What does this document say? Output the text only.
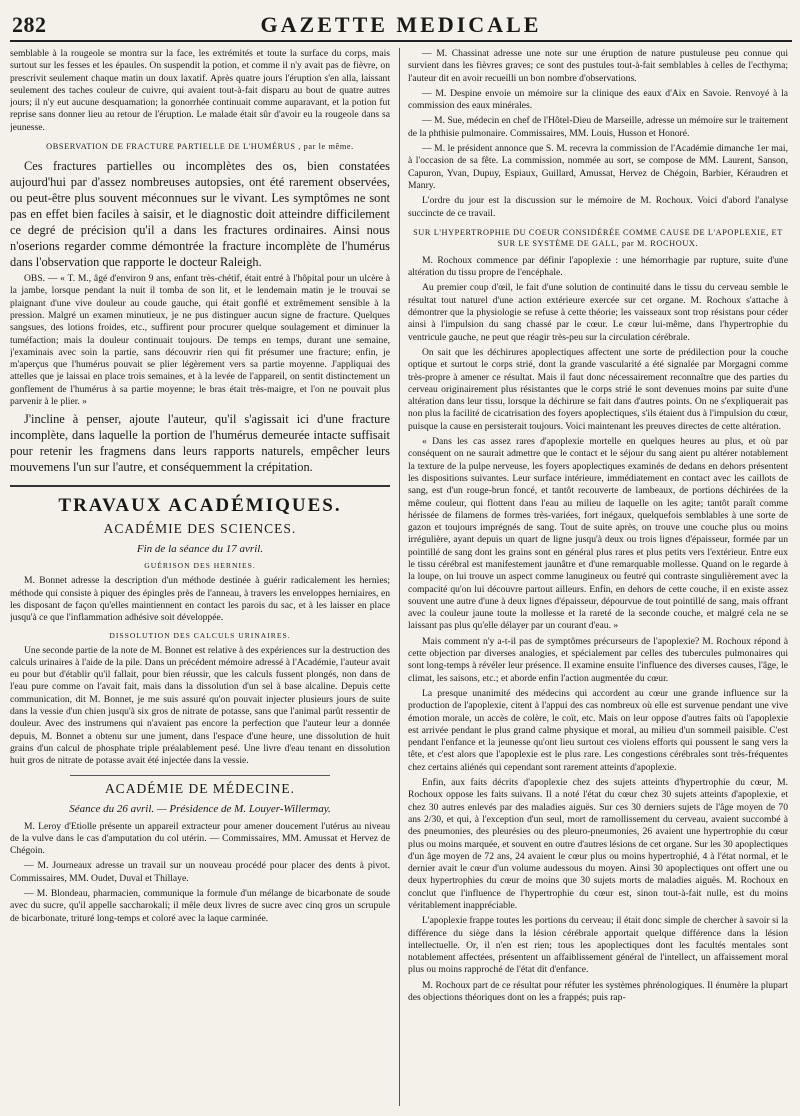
282	GAZETTE MEDICALE

semblable à la rougeole se montra sur la face, les extrémités et toute la surface du corps, mais surtout sur les fesses et les épaules. On suspendit la potion, et comme il n'y avait pas de fièvre, on prescrivit seulement chaque matin un doux laxatif. Après quatre jours l'éruption s'en alla, laissant seulement des taches couleur de cuivre, qui avaient tout-à-fait disparu au bout de quatre autres jours; il n'y eut aucune desquamation; la gonorrhée continuait comme auparavant, et la potion fut reprise sans donner lieu au retour de l'éruption. Le malade était sûr d'avoir eu la rougeole dans sa jeunesse.

OBSERVATION DE FRACTURE PARTIELLE DE L'HUMÉRUS , par le même.

Ces fractures partielles ou incomplètes des os, bien constatées aujourd'hui par d'assez nombreuses autopsies, ont été rarement observées, ou peut-être plus souvent méconnues sur le vivant. Les symptômes ne sont pas en effet bien faciles à saisir, et le diagnostic doit atteindre difficilement ce degré de précision qu'il a dans les fractures ordinaires. Ainsi nous n'oserions regarder comme démontrée la fracture incomplète de l'humérus dans l'observation que rapporte le docteur Raleigh.

OBS. — « T. M., âgé d'environ 9 ans, enfant très-chétif, était entré à l'hôpital pour un ulcère à la jambe, lorsque pendant la nuit il tomba de son lit, et le lendemain matin je le trouvai se plaignant d'une vive douleur au coude gauche, qui était gonflé et extrêmement sensible à la pression. Malgré un examen minutieux, je ne pus distinguer aucun signe de fracture. Quelques sangsues, des lotions froides, etc., suffirent pour procurer quelque soulagement et diminuer la tuméfaction; mais la douleur continuait toujours. De temps en temps, durant une semaine, j'examinais avec soin la partie, sans découvrir rien qui fit présumer une fracture; enfin, je m'aperçus que l'humérus pouvait se plier légèrement vers sa partie moyenne. J'appliquai des attelles que je laissai en place trois semaines, et à la levée de l'appareil, on sentit distinctement un gonflement de l'humérus à sa partie moyenne; le bras était très-maigre, et l'on ne pouvait plus parvenir à le plier. »

J'incline à penser, ajoute l'auteur, qu'il s'agissait ici d'une fracture incomplète, dans laquelle la portion de l'humérus demeurée intacte suffisait pour retenir les fragmens dans leurs rapports naturels, empêcher leurs mouvemens l'un sur l'autre, et conséquemment la crépitation.

TRAVAUX ACADÉMIQUES.
ACADÉMIE DES SCIENCES.
Fin de la séance du 17 avril.
GUÉRISON DES HERNIES.

M. Bonnet adresse la description d'un méthode destinée à guérir radicalement les hernies; méthode qui consiste à piquer des épingles près de l'anneau, à travers les enveloppes herniaires, en les disposant de façon qu'elles maintiennent en contact les parois du sac, et à les laisser en place jusqu'à ce que l'inflammation adhésive soit développée.

DISSOLUTION DES CALCULS URINAIRES.

Une seconde partie de la note de M. Bonnet est relative à des expériences sur la destruction des calculs urinaires à l'aide de la pile. Dans un précédent mémoire adressé à l'Académie, l'auteur avait eu pour but d'établir qu'il fallait, pour bien réussir, que les calculs fussent plongés, non dans de l'eau pure comme on l'avait fait, mais dans la dissolution d'un sel à base alcaline. Depuis cette communication, dit M. Bonnet, je me suis assuré qu'on pouvait injecter plusieurs jours de suite dans la vessie d'un chien jusqu'à six gros de nitrate de potasse, sans que l'animal parût ressentir de douleur. Avec des instrumens qui n'avaient pas encore la perfection que l'auteur leur a donnée depuis, M. Bonnet a obtenu sur une jument, dans l'espace d'une heure, une dissolution de huit grains d'un calcul de phosphate triple préalablement pesé. Une livre d'eau tenant en dissolution huit gros de nitrate de potasse avait été injectée dans la vessie.

ACADÉMIE DE MÉDECINE.
Séance du 26 avril. — Présidence de M. Louyer-Willermay.

M. Leroy d'Etiolle présente un appareil extracteur pour amener doucement l'utérus au niveau de la vulve dans le cas d'amputation du col utérin. — Commissaires, MM. Amussat et Hervez de Chégoin.

— M. Journeaux adresse un travail sur un nouveau procédé pour placer des dents à pivot. Commissaires, MM. Oudet, Duval et Thillaye.

— M. Blondeau, pharmacien, communique la formule d'un mélange de bicarbonate de soude avec du sucre, qu'il appelle saccharokali; il mêle deux livres de sucre avec cinq gros un scrupule de bicarbonate, trituré long-temps et coloré avec la laque carminée.

— M. Chassinat adresse une note sur une éruption de nature pustuleuse peu connue qui survient dans les fièvres graves; ce sont des pustules tout-à-fait semblables à celles de l'ecthyma; l'auteur dit en avoir recueilli un bon nombre d'observations.

— M. Despine envoie un mémoire sur la clinique des eaux d'Aix en Savoie. Renvoyé à la commission des eaux minérales.

— M. Sue, médecin en chef de l'Hôtel-Dieu de Marseille, adresse un mémoire sur le traitement de la phthisie pulmonaire. Commissaires, MM. Louis, Husson et Honoré.

— M. le président annonce que S. M. recevra la commission de l'Académie dimanche 1er mai, à l'occasion de sa fête. La commission, nommée au sort, se compose de MM. Laurent, Sanson, Capuron, Yvan, Dupuy, Espiaux, Guillard, Amussat, Hervez de Chégoin, Barbier, Kéraudren et Manry.

L'ordre du jour est la discussion sur le mémoire de M. Rochoux. Voici d'abord l'analyse succincte de ce travail.

SUR L'HYPERTROPHIE DU COEUR CONSIDÉRÉE COMME CAUSE DE L'APOPLEXIE, ET SUR LE SYSTÈME DE GALL, par M. ROCHOUX.

M. Rochoux commence par définir l'apoplexie : une hémorrhagie par rupture, suite d'une altération du tissu propre de l'encéphale.

Au premier coup d'œil, le fait d'une solution de continuité dans le tissu du cerveau semble le résultat tout naturel d'une action extérieure exercée sur cet organe. M. Rochoux s'attache à démontrer que la physiologie se refuse à cette théorie; les vaisseaux sont trop résistans pour céder ainsi à l'impulsion du sang chassé par le cœur. Le cœur lui-même, dans l'hypertrophie du ventricule gauche, ne peut que réagir très-peu sur la circulation cérébrale.

On sait que les déchirures apoplectiques affectent une sorte de prédilection pour la couche optique et surtout le corps strié, dont la grande vascularité a été signalée par Morgagni comme très-propre à amener ce résultat. Mais il faut donc nécessairement reconnaître que des parties du cerveau originairement plus résistantes que le corps strié le sont devenues moins par suite d'une altération dans leur tissu, lorsque la déchirure se fait dans d'autres points. On ne s'expliquerait pas non plus la facilité de cicatrisation des foyers apoplectiques, s'ils étaient dus à l'impulsion du cœur, puisque la cause en persisterait toujours. Voici maintenant les preuves directes de cette altération.

« Dans les cas assez rares d'apoplexie mortelle en quelques heures au plus, et où par conséquent on ne saurait admettre que le contact et le séjour du sang aient pu altérer notablement la texture de la pulpe nerveuse, les foyers apoplectiques examinés de dedans en dehors présentent les dispositions suivantes. Leur surface intérieure, immédiatement en contact avec les caillots de sang, est d'un rouge-brun foncé, et tantôt recouverte de lambeaux, de portions déchirées de la même couleur, qui flottent dans l'eau au milieu de laquelle on les agite; tantôt paraît comme hérissée de filamens de formes très-variées, fort inégaux, quelquefois semblables à une sorte de gazon et toujours imprégnés de sang. Tout de suite après, on trouve une couche plus ou moins irrégulière, ayant depuis un quart de ligne jusqu'à deux ou trois lignes d'épaisseur, formée par un pointillé de sang dont les grains sont en général plus rares et plus petits vers l'extérieur. Entre eux le tissu cérébral est manifestement jaunâtre et d'une remarquable mollesse. Quand on le regarde à la loupe, on lui trouve un aspect comme lanugineux ou feutré qui contraste singulièrement avec la compacité qu'on lui découvre partout ailleurs. Enfin, en dehors de cette couche, il en existe assez souvent une autre d'une à deux lignes d'épaisseur, dépourvue de tout pointillé de sang, mais offrant avec la couleur jaune toute la mollesse et la rareté de la seconde couche, et malgré cela ne se laissant pas plus qu'elle délayer par un courant d'eau. »

Mais comment n'y a-t-il pas de symptômes précurseurs de l'apoplexie? M. Rochoux répond à cette objection par diverses analogies, et spécialement par celles des tubercules pulmonaires qui sont long-temps à révéler leur présence. Il examine ensuite l'influence des diverses causes, l'âge, le climat, les saisons, etc.; et aborde enfin l'action augmentée du cœur.

La presque unanimité des médecins qui accordent au cœur une grande influence sur la production de l'apoplexie, citent à l'appui des cas nombreux où elle est survenue pendant une vive émotion morale, un accès de colère, le coït, etc. Mais on leur oppose d'autres faits où l'apoplexie est arrivée pendant le plus grand calme physique et moral, au milieu d'un sommeil paisible. C'est pendant l'enfance et la jeunesse qu'ont lieu surtout ces violens efforts qui poussent le sang vers la tête, et c'est alors que l'apoplexie est le plus rare. Les congestions cérébrales sont très-fréquentes chez certains aliénés qui cependant sont rarement atteints d'apoplexie.

Enfin, aux faits décrits d'apoplexie chez des sujets atteints d'hypertrophie du cœur, M. Rochoux oppose les faits suivans. Il a noté l'état du cœur chez 30 sujets atteints d'apoplexie, et chez 30 autres enlevés par des maladies aiguës. Sur ces 30 derniers sujets de l'âge moyen de 70 ans 2/30, et qui, à l'exception d'un seul, mort de ramollissement du cerveau, avaient succombé à des pneumonies, des pleurésies ou des pleuro-pneumonies, 26 avaient une hypertrophie du cœur plus ou moins marquée, et souvent en outre d'autres lésions de cet organe. Sur les 30 apoplectiques d'un âge moyen de 72 ans, 24 avaient le cœur plus ou moins hypertrophié, 4 à l'état normal, et le dernier avait le cœur d'un volume audessous du moyen. Ainsi 30 apoplectiques ont offert une ou deux hypertrophies du cœur de moins que 30 sujets morts de maladies aiguës. M. Rochoux en conclut que l'influence de l'hypertrophie du cœur est, sinon tout-à-fait nulle, est du moins véritablement inappréciable.

L'apoplexie frappe toutes les portions du cerveau; il était donc simple de chercher à savoir si la différence du siège dans la lésion cérébrale apportait quelque différence dans la lésion intellectuelle. Or, il n'en est rien; tous les apoplectiques dont les facultés mentales sont notablement affectées, présentent un affaiblissement général de l'intellect, un affaissement moral plus ou moins rapproché de l'état dit d'enfance.

M. Rochoux part de ce résultat pour réfuter les systèmes phrénologiques. Il énumère la plupart des objections théoriques dont on les a frappés; puis rap-
